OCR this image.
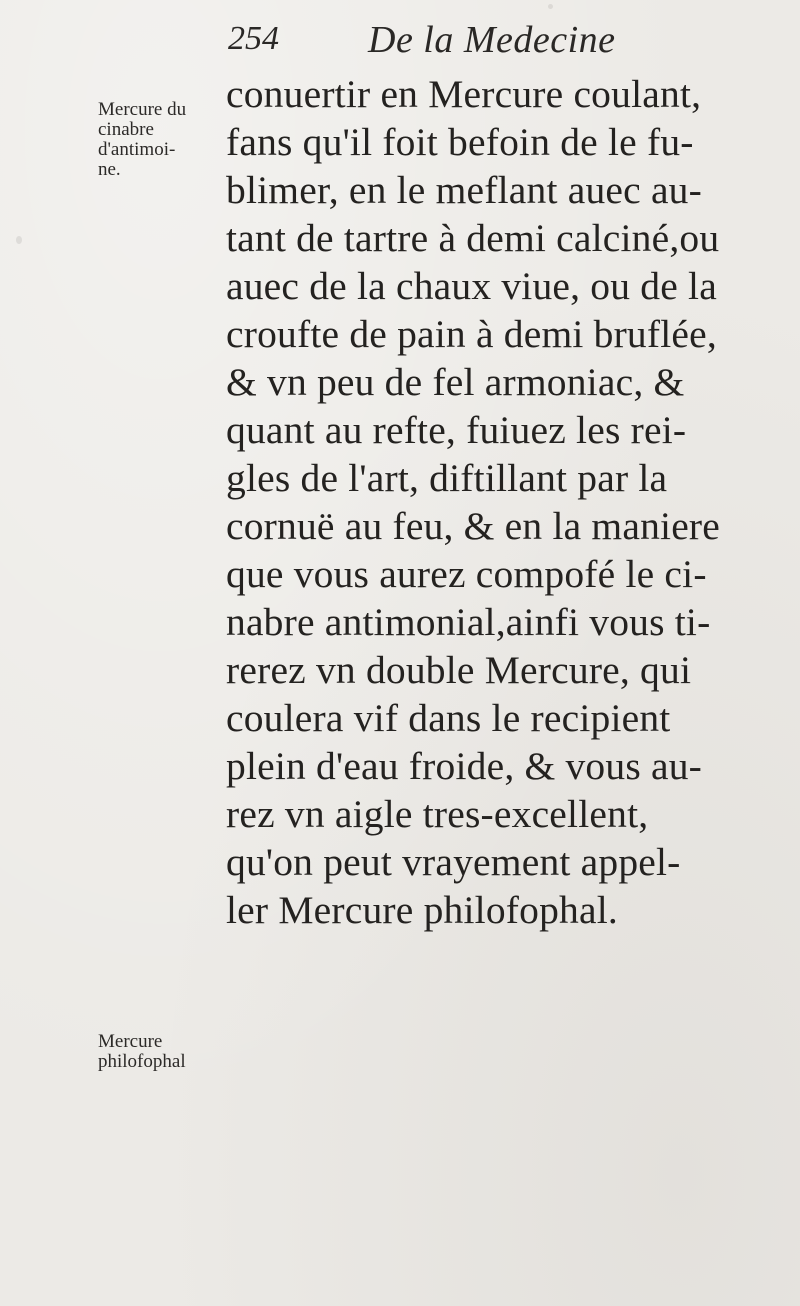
254 De la Medecine
Mercure du
cinabre
d'antimoi-
ne.
Mercure
philofophal
conuertir en Mercure coulant,
fans qu'il foit befoin de le fu-
blimer, en le meflant auec au-
tant de tartre à demi calciné,ou
auec de la chaux viue, ou de la
croufte de pain à demi bruflée,
& vn peu de fel armoniac, &
quant au refte, fuiuez les rei-
gles de l'art, diftillant par la
cornuë au feu, & en la maniere
que vous aurez compofé le ci-
nabre antimonial,ainfi vous ti-
rerez vn double Mercure, qui
coulera vif dans le recipient
plein d'eau froide, & vous au-
rez vn aigle tres-excellent,
qu'on peut vrayement appel-
ler Mercure philofophal.
